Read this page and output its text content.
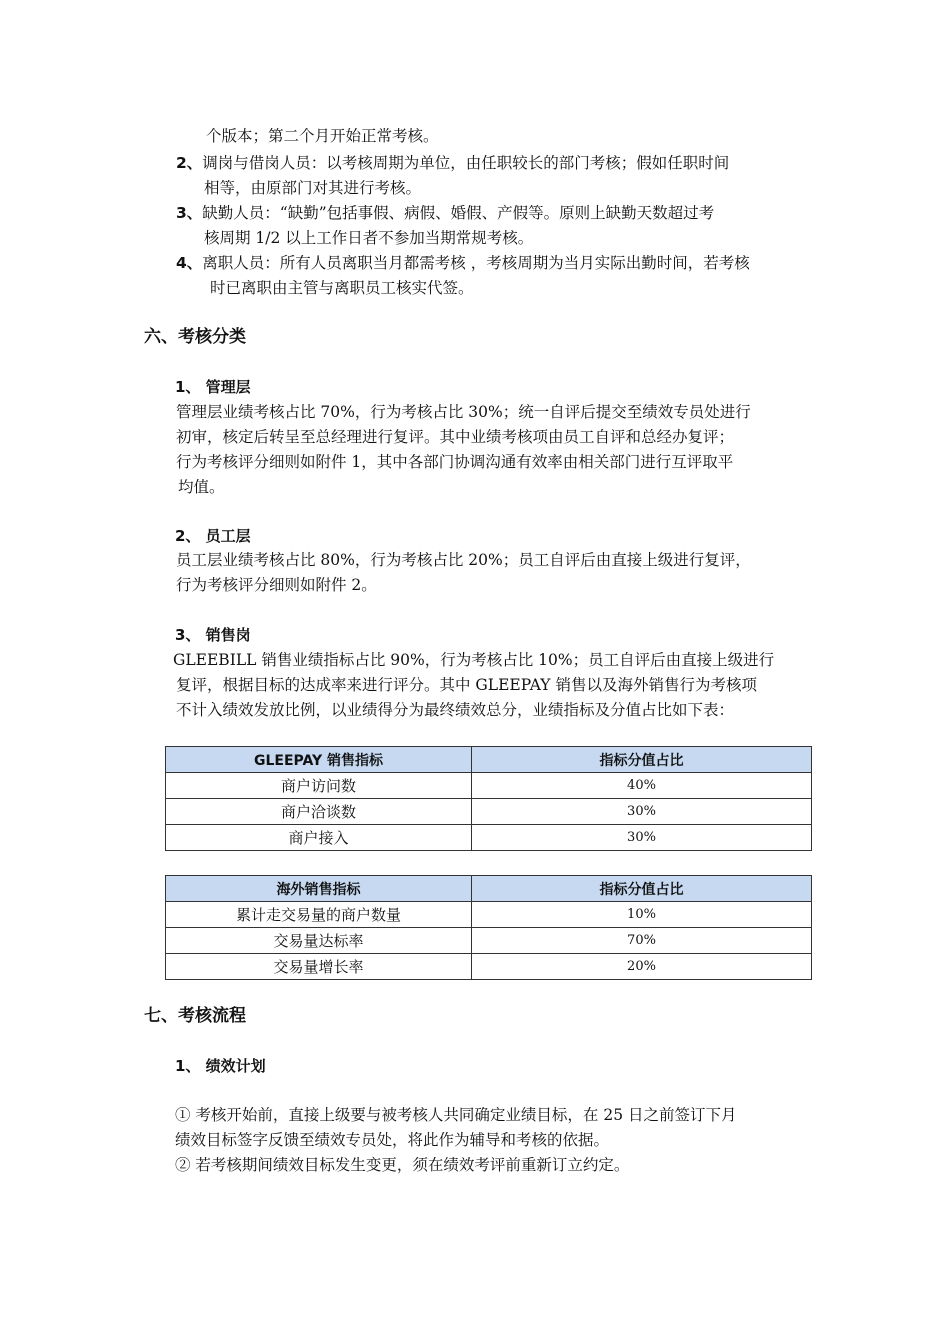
个版本；第二个月开始正常考核。
2、调岗与借岗人员：以考核周期为单位，由任职较长的部门考核；假如任职时间
相等，由原部门对其进行考核。
3、缺勤人员：“缺勤”包括事假、病假、婚假、产假等。原则上缺勤天数超过考
核周期 1/2 以上工作日者不参加当期常规考核。
4、离职人员：所有人员离职当月都需考核 ，考核周期为当月实际出勤时间，若考核
时已离职由主管与离职员工核实代签。
六、考核分类
1、 管理层
管理层业绩考核占比 70%，行为考核占比 30%；统一自评后提交至绩效专员处进行
初审，核定后转呈至总经理进行复评。其中业绩考核项由员工自评和总经办复评；
行为考核评分细则如附件 1，其中各部门协调沟通有效率由相关部门进行互评取平
均值。
2、 员工层
员工层业绩考核占比 80%，行为考核占比 20%；员工自评后由直接上级进行复评，
行为考核评分细则如附件 2。
3、 销售岗
GLEEBILL 销售业绩指标占比 90%，行为考核占比 10%；员工自评后由直接上级进行
复评，根据目标的达成率来进行评分。其中 GLEEPAY 销售以及海外销售行为考核项
不计入绩效发放比例，以业绩得分为最终绩效总分，业绩指标及分值占比如下表：
GLEEPAY 销售指标	指标分值占比
商户访问数	40%
商户洽谈数	30%
商户接入	30%
海外销售指标	指标分值占比
累计走交易量的商户数量	10%
交易量达标率	70%
交易量增长率	20%
七、考核流程
1、 绩效计划
① 考核开始前，直接上级要与被考核人共同确定业绩目标，在 25 日之前签订下月
绩效目标签字反馈至绩效专员处，将此作为辅导和考核的依据。
② 若考核期间绩效目标发生变更，须在绩效考评前重新订立约定。
